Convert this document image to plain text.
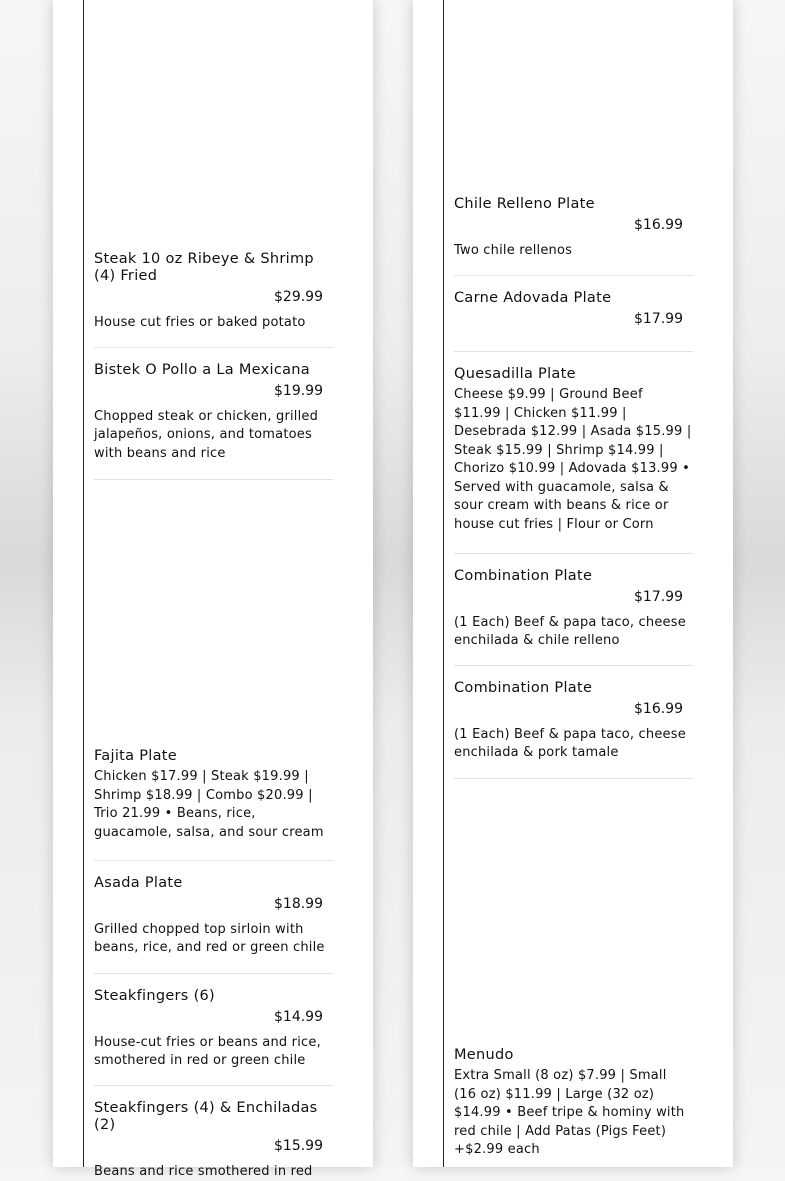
Steak 10 oz Ribeye & Shrimp (4) Fried
$29.99
House cut fries or baked potato
Bistek O Pollo a La Mexicana
$19.99
Chopped steak or chicken, grilled jalapeños, onions, and tomatoes with beans and rice
Fajita Plate
Chicken $17.99 | Steak $19.99 | Shrimp $18.99 | Combo $20.99 | Trio 21.99 • Beans, rice, guacamole, salsa, and sour cream
Asada Plate
$18.99
Grilled chopped top sirloin with beans, rice, and red or green chile
Steakfingers (6)
$14.99
House-cut fries or beans and rice, smothered in red or green chile
Steakfingers (4) & Enchiladas (2)
$15.99
Beans and rice smothered in red
Chile Relleno Plate
$16.99
Two chile rellenos
Carne Adovada Plate
$17.99
Quesadilla Plate
Cheese $9.99 | Ground Beef $11.99 | Chicken $11.99 | Desebrada $12.99 | Asada $15.99 | Steak $15.99 | Shrimp $14.99 | Chorizo $10.99 | Adovada $13.99 • Served with guacamole, salsa & sour cream with beans & rice or house cut fries | Flour or Corn
Combination Plate
$17.99
(1 Each) Beef & papa taco, cheese enchilada & chile relleno
Combination Plate
$16.99
(1 Each) Beef & papa taco, cheese enchilada & pork tamale
Menudo
Extra Small (8 oz) $7.99 | Small (16 oz) $11.99 | Large (32 oz) $14.99 • Beef tripe & hominy with red chile | Add Patas (Pigs Feet) +$2.99 each
